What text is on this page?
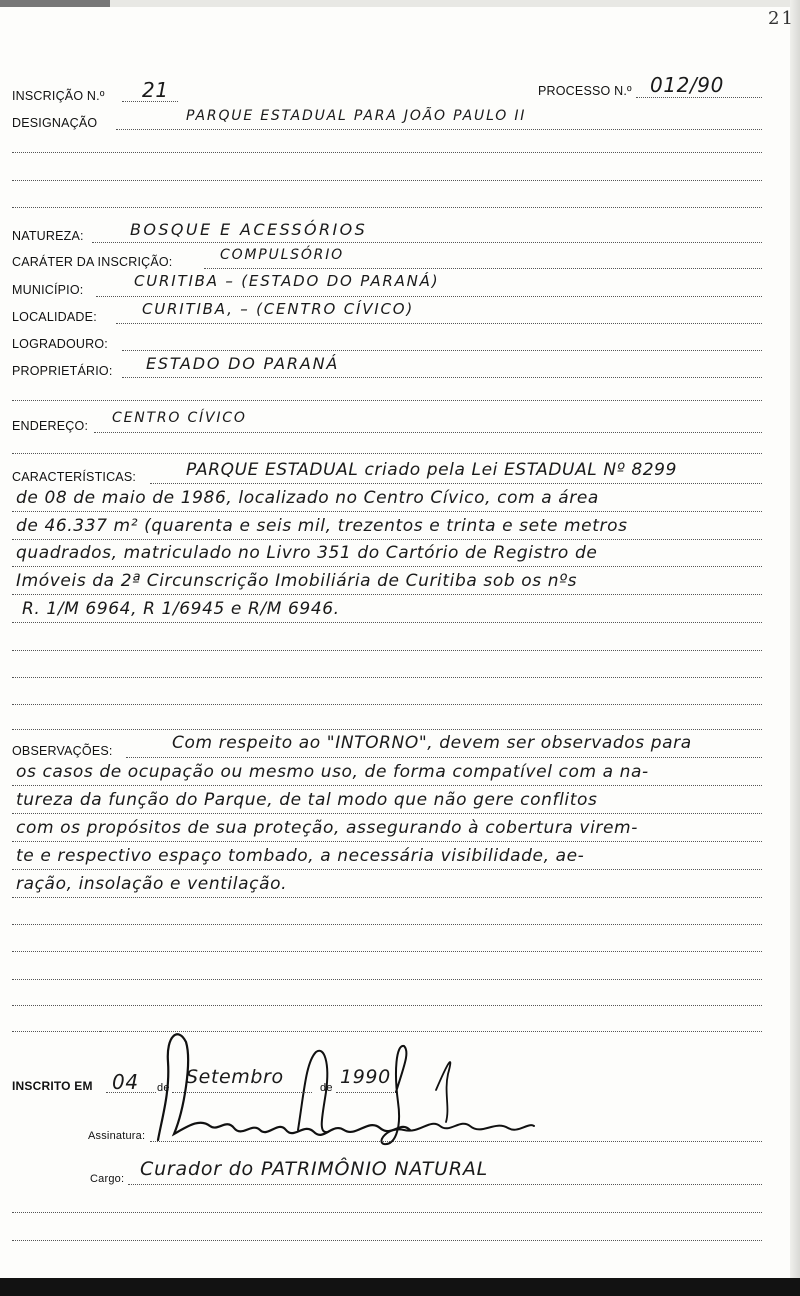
21
INSCRIÇÃO N.º 21	PROCESSO N.º 012/90
DESIGNAÇÃO	PARQUE ESTADUAL PARA JOÃO PAULO II
NATUREZA:	BOSQUE E ACESSÓRIOS
CARÁTER DA INSCRIÇÃO:	COMPULSÓRIO
MUNICÍPIO:	CURITIBA – (ESTADO DO PARANÁ)
LOCALIDADE:	CURITIBA, – (CENTRO CÍVICO)
LOGRADOURO:
PROPRIETÁRIO: ESTADO DO PARANÁ
ENDEREÇO: CENTRO CÍVICO
CARACTERÍSTICAS:	PARQUE ESTADUAL criado pela Lei ESTADUAL Nº 8299
de 08 de maio de 1986, localizado no Centro Cívico, com a área
de 46.337 m² (quarenta e seis mil, trezentos e trinta e sete metros
quadrados, matriculado no Livro 351 do Cartório de Registro de
Imóveis da 2ª Circunscrição Imobiliária de Curitiba sob os nºs
R. 1/M 6964, R 1/6945 e R/M 6946.
OBSERVAÇÕES:	Com respeito ao "INTORNO", devem ser observados para
os casos de ocupação ou mesmo uso, de forma compatível com a na-
tureza da função do Parque, de tal modo que não gere conflitos
com os propósitos de sua proteção, assegurando à cobertura virem-
te e respectivo espaço tombado, a necessária visibilidade, ae-
ração, insolação e ventilação.
INSCRITO EM 04 de Setembro	de 1990
Assinatura:
Cargo: Curador do PATRIMÔNIO NATURAL
